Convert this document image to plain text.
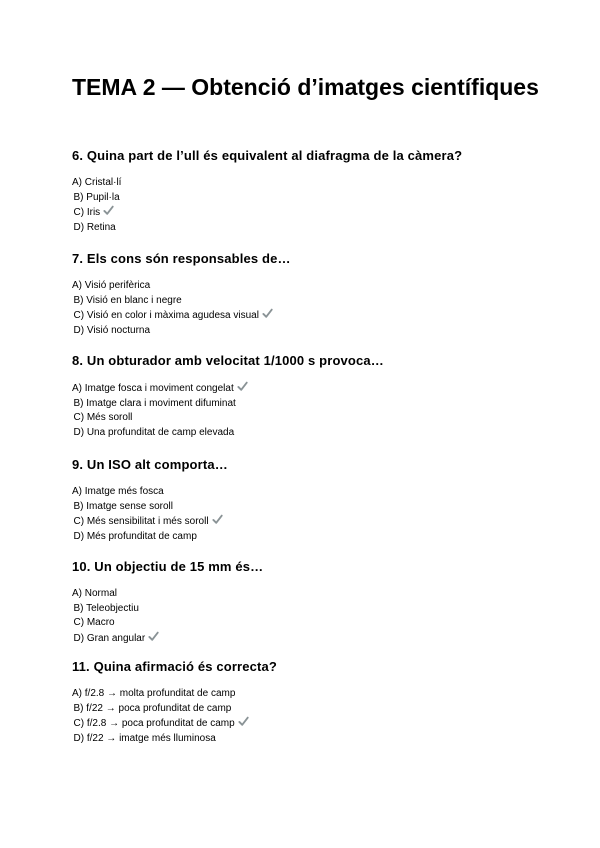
TEMA 2 — Obtenció d’imatges científiques
6. Quina part de l’ull és equivalent al diafragma de la càmera?
A) Cristal·lí
B) Pupil·la
C) Iris
D) Retina
7. Els cons són responsables de…
A) Visió perifèrica
B) Visió en blanc i negre
C) Visió en color i màxima agudesa visual
D) Visió nocturna
8. Un obturador amb velocitat 1/1000 s provoca…
A) Imatge fosca i moviment congelat
B) Imatge clara i moviment difuminat
C) Més soroll
D) Una profunditat de camp elevada
9. Un ISO alt comporta…
A) Imatge més fosca
B) Imatge sense soroll
C) Més sensibilitat i més soroll
D) Més profunditat de camp
10. Un objectiu de 15 mm és…
A) Normal
B) Teleobjectiu
C) Macro
D) Gran angular
11. Quina afirmació és correcta?
A) f/2.8 → molta profunditat de camp
B) f/22 → poca profunditat de camp
C) f/2.8 → poca profunditat de camp
D) f/22 → imatge més lluminosa
